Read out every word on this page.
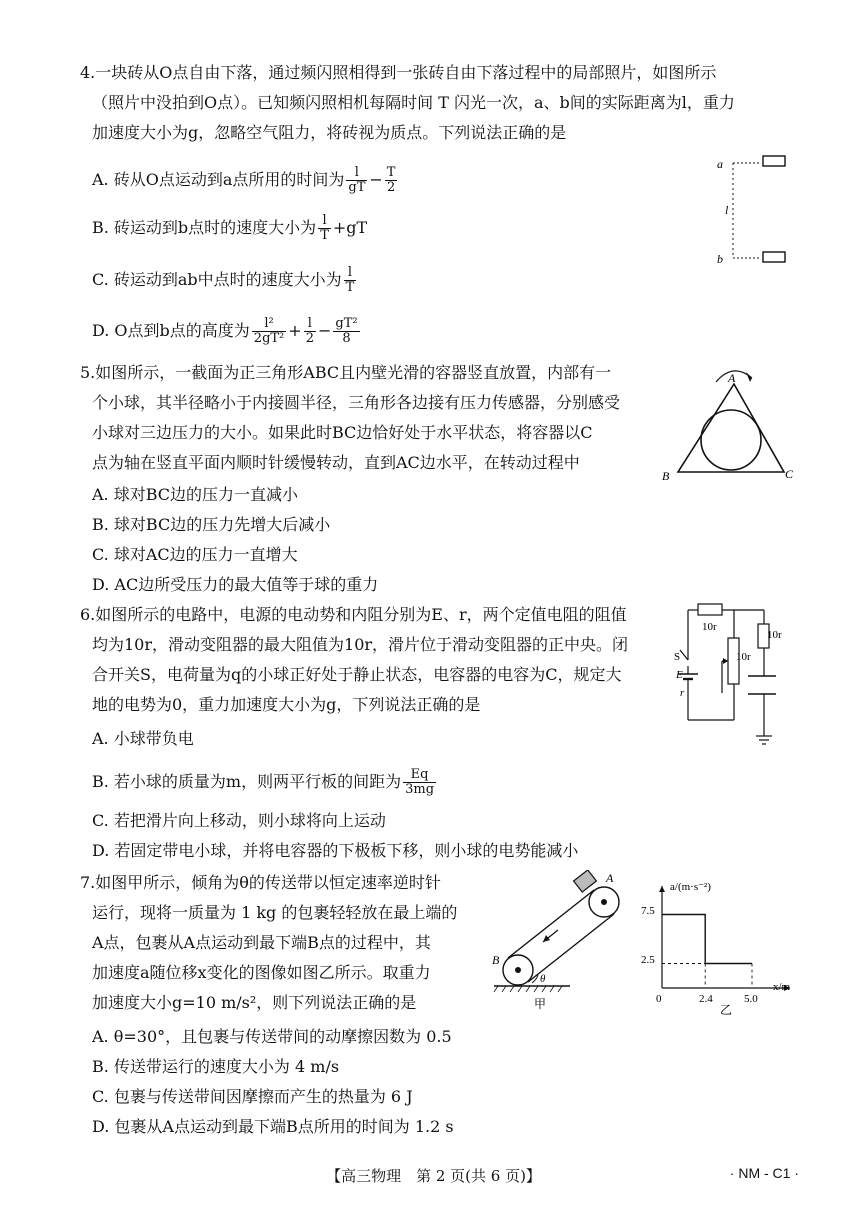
4.一块砖从O点自由下落，通过频闪照相得到一张砖自由下落过程中的局部照片，如图所示
（照片中没拍到O点）。已知频闪照相机每隔时间 T 闪光一次，a、b间的实际距离为l，重力
加速度大小为g，忽略空气阻力，将砖视为质点。下列说法正确的是
A. 砖从O点运动到a点所用的时间为 $\frac{l}{gT} - \frac{T}{2}$
B. 砖运动到b点时的速度大小为 $\frac{l}{T} +gT$
C. 砖运动到ab中点时的速度大小为 $\frac{l}{T}$
D. O点到b点的高度为 $\frac{\text{l²}}{\text{2gT²}} + \frac{l}{2} - \frac{\text{gT²}}{8}$
a
l
b
5.如图所示，一截面为正三角形ABC且内壁光滑的容器竖直放置，内部有一
个小球，其半径略小于内接圆半径，三角形各边接有压力传感器，分别感受
小球对三边压力的大小。如果此时BC边恰好处于水平状态，将容器以C
点为轴在竖直平面内顺时针缓慢转动，直到AC边水平，在转动过程中
A. 球对BC边的压力一直减小
B. 球对BC边的压力先增大后减小
C. 球对AC边的压力一直增大
D. AC边所受压力的最大值等于球的重力
A
B	C
6.如图所示的电路中，电源的电动势和内阻分别为E、r，两个定值电阻的阻值
均为10r，滑动变阻器的最大阻值为10r，滑片位于滑动变阻器的正中央。闭
合开关S，电荷量为q的小球正好处于静止状态，电容器的电容为C，规定大
地的电势为0，重力加速度大小为g，下列说法正确的是
A. 小球带负电
B. 若小球的质量为m，则两平行板的间距为 $\frac{Eq}{3mg}$
C. 若把滑片向上移动，则小球将向上运动
D. 若固定带电小球，并将电容器的下极板下移，则小球的电势能减小
10r
10r
10r
S
E
r
7.如图甲所示，倾角为θ的传送带以恒定速率逆时针
运行，现将一质量为 1 kg 的包裹轻轻放在最上端的
A点，包裹从A点运动到最下端B点的过程中，其
加速度a随位移x变化的图像如图乙所示。取重力
加速度大小g=10 m/s²，则下列说法正确的是
A. θ=30°，且包裹与传送带间的动摩擦因数为 0.5
B. 传送带运行的速度大小为 4 m/s
C. 包裹与传送带间因摩擦而产生的热量为 6 J
D. 包裹从A点运动到最下端B点所用的时间为 1.2 s
A
B
θ
甲
a/(m·s⁻²)
x/m
0	2.4	5.0
2.5
7.5
乙
【高三物理　第 2 页(共 6 页)】	· NM - C1 ·
